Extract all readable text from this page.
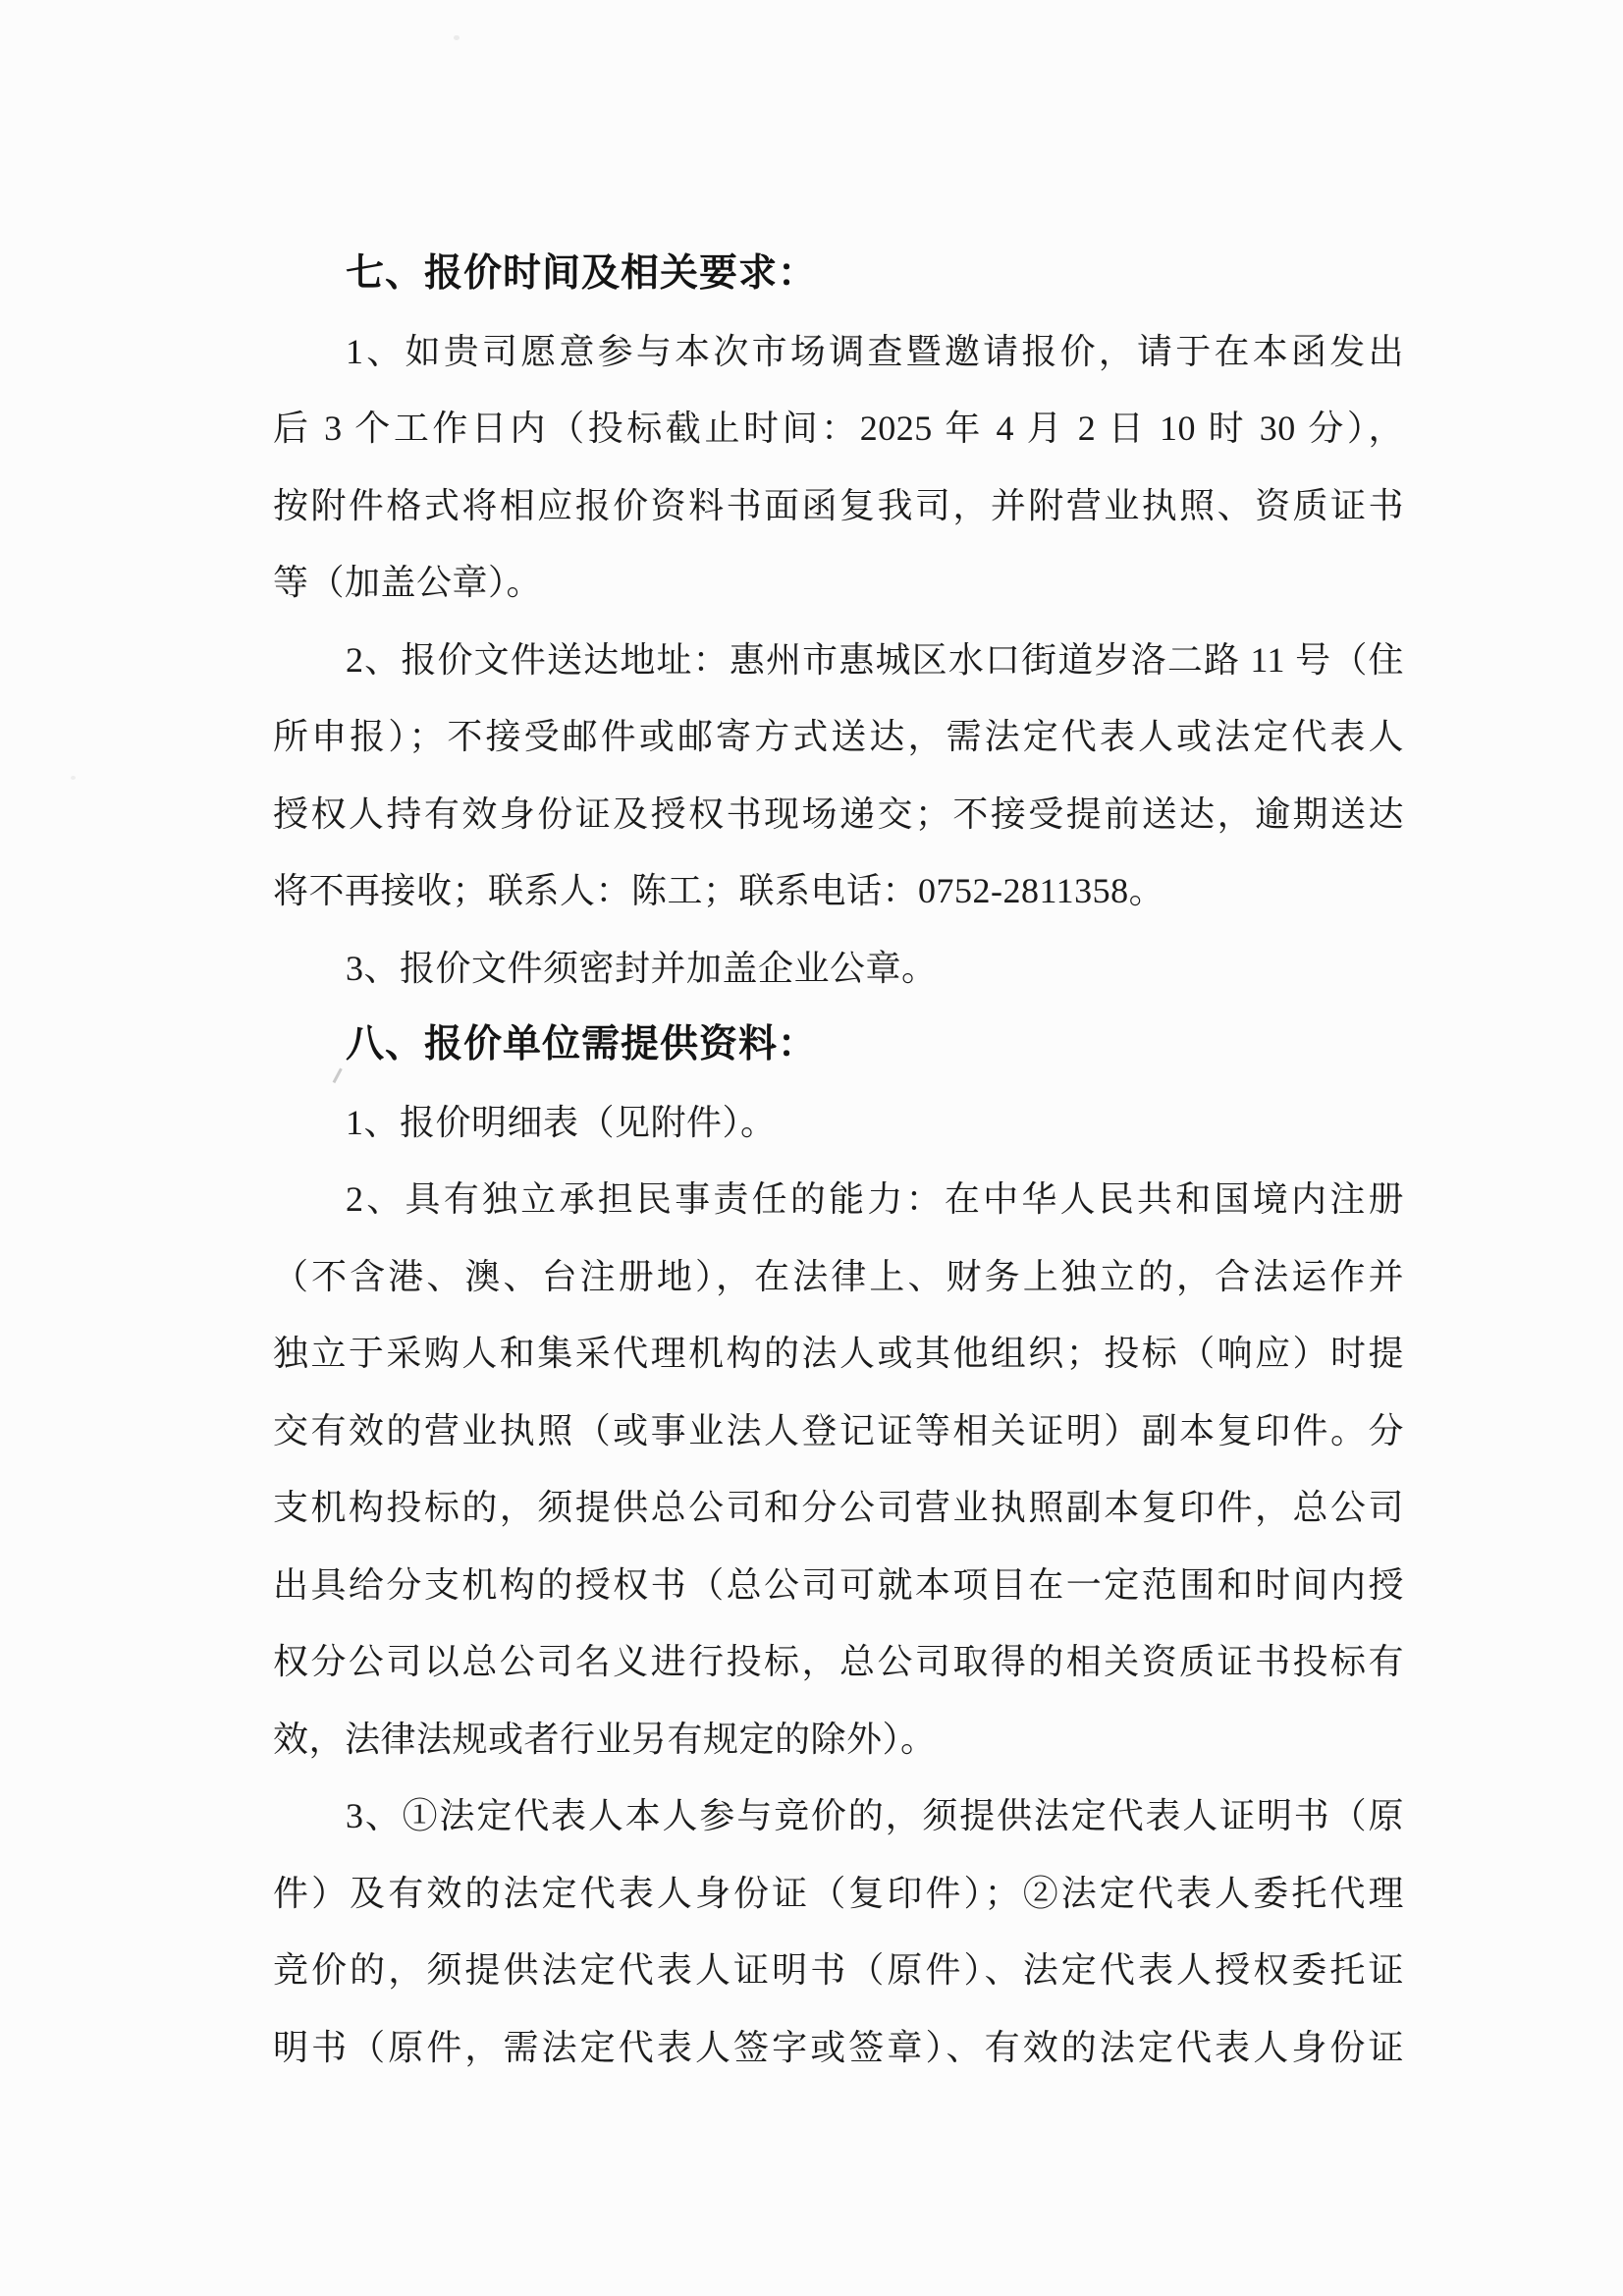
七、报价时间及相关要求：
1、如贵司愿意参与本次市场调查暨邀请报价，请于在本函发出
后 3 个工作日内（投标截止时间：2025 年 4 月 2 日 10 时 30 分），
按附件格式将相应报价资料书面函复我司，并附营业执照、资质证书
等（加盖公章）。
2、报价文件送达地址：惠州市惠城区水口街道岁洛二路 11 号（住
所申报）；不接受邮件或邮寄方式送达，需法定代表人或法定代表人
授权人持有效身份证及授权书现场递交；不接受提前送达，逾期送达
将不再接收；联系人：陈工；联系电话：0752-2811358。
3、报价文件须密封并加盖企业公章。
八、报价单位需提供资料：
1、报价明细表（见附件）。
2、具有独立承担民事责任的能力：在中华人民共和国境内注册
（不含港、澳、台注册地），在法律上、财务上独立的，合法运作并
独立于采购人和集采代理机构的法人或其他组织；投标（响应）时提
交有效的营业执照（或事业法人登记证等相关证明）副本复印件。分
支机构投标的，须提供总公司和分公司营业执照副本复印件，总公司
出具给分支机构的授权书（总公司可就本项目在一定范围和时间内授
权分公司以总公司名义进行投标，总公司取得的相关资质证书投标有
效，法律法规或者行业另有规定的除外）。
3、①法定代表人本人参与竞价的，须提供法定代表人证明书（原
件）及有效的法定代表人身份证（复印件）；②法定代表人委托代理
竞价的，须提供法定代表人证明书（原件）、法定代表人授权委托证
明书（原件，需法定代表人签字或签章）、有效的法定代表人身份证
